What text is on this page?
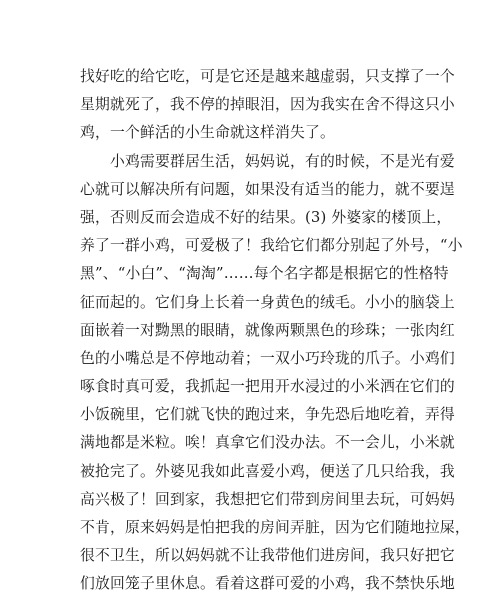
找好吃的给它吃，可是它还是越来越虚弱，只支撑了一个
星期就死了，我不停的掉眼泪，因为我实在舍不得这只小
鸡，一个鲜活的小生命就这样消失了。
小鸡需要群居生活，妈妈说，有的时候，不是光有爱
心就可以解决所有问题，如果没有适当的能力，就不要逞
强，否则反而会造成不好的结果。(3) 外婆家的楼顶上，
养了一群小鸡，可爱极了！我给它们都分别起了外号，“小
黑”、“小白”、“淘淘”……每个名字都是根据它的性格特
征而起的。它们身上长着一身黄色的绒毛。小小的脑袋上
面嵌着一对黝黑的眼睛，就像两颗黑色的珍珠；一张肉红
色的小嘴总是不停地动着；一双小巧玲珑的爪子。小鸡们
啄食时真可爱，我抓起一把用开水浸过的小米洒在它们的
小饭碗里，它们就飞快的跑过来，争先恐后地吃着，弄得
满地都是米粒。唉！真拿它们没办法。不一会儿，小米就
被抢完了。外婆见我如此喜爱小鸡，便送了几只给我，我
高兴极了！回到家，我想把它们带到房间里去玩，可妈妈
不肯，原来妈妈是怕把我的房间弄脏，因为它们随地拉屎，
很不卫生，所以妈妈就不让我带他们进房间，我只好把它
们放回笼子里休息。看着这群可爱的小鸡，我不禁快乐地
